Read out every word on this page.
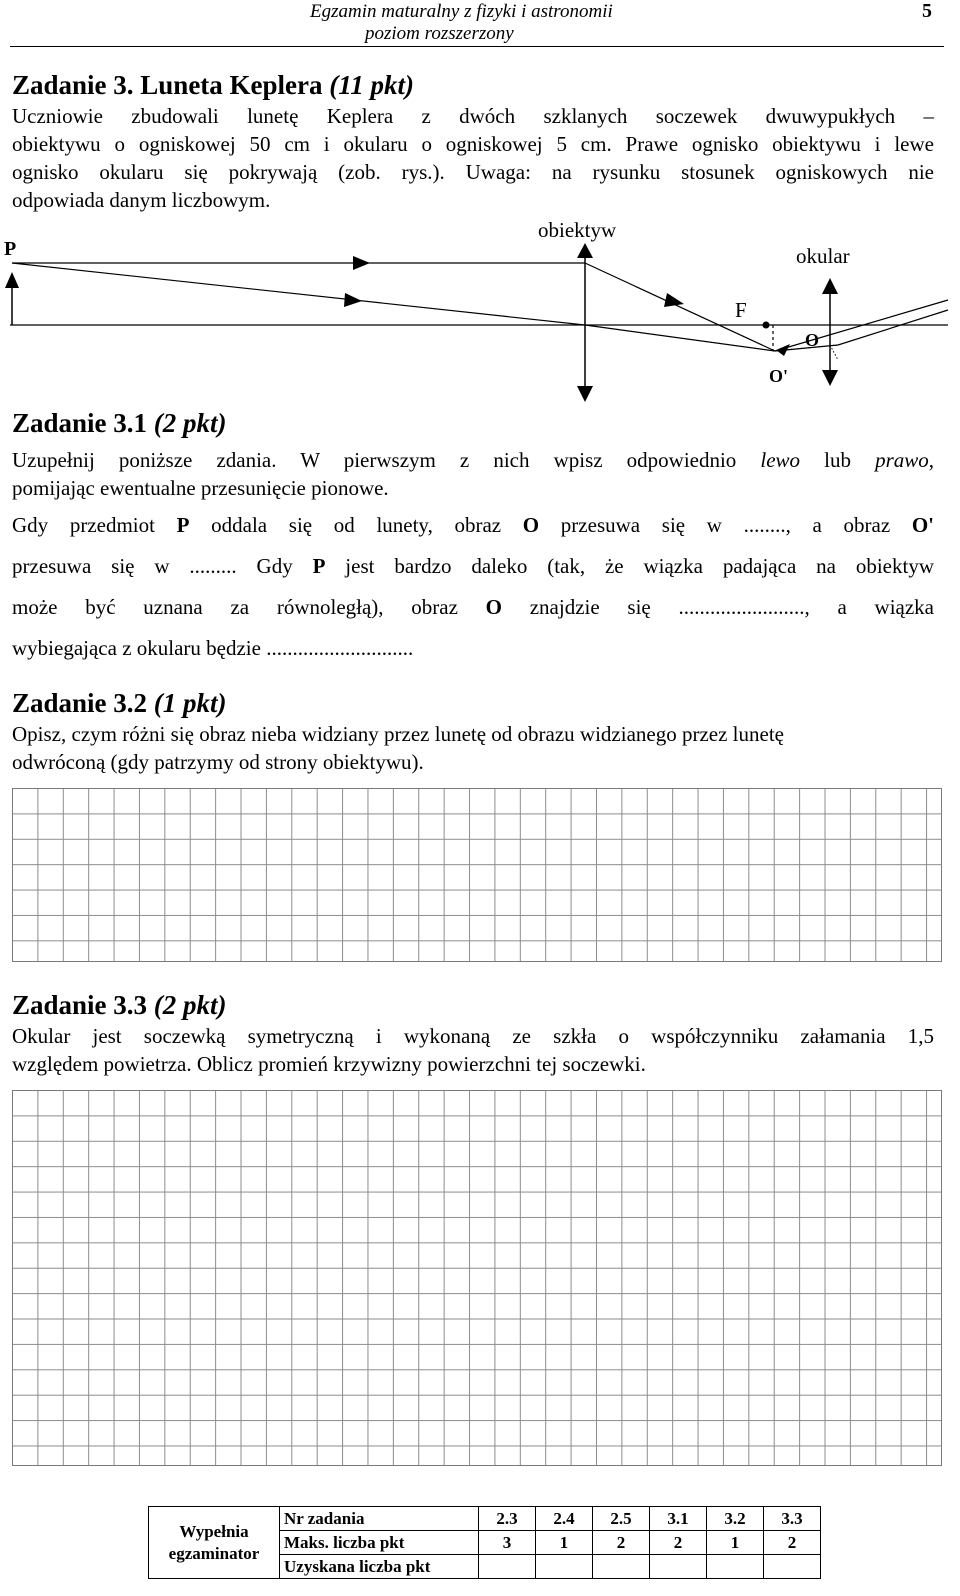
Egzamin maturalny z fizyki i astronomii
poziom rozszerzony
5
Zadanie 3. Luneta Keplera (11 pkt)
Uczniowie zbudowali lunetę Keplera z dwóch szklanych soczewek dwuwypukłych –
obiektywu o ogniskowej 50 cm i okularu o ogniskowej 5 cm. Prawe ognisko obiektywu i lewe
ognisko okularu się pokrywają (zob. rys.). Uwaga: na rysunku stosunek ogniskowych nie
odpowiada danym liczbowym.
P
obiektyw
okular
F
O
O'
Zadanie 3.1 (2 pkt)
Uzupełnij poniższe zdania. W pierwszym z nich wpisz odpowiednio lewo lub prawo,
pomijając ewentualne przesunięcie pionowe.
Gdy przedmiot P oddala się od lunety, obraz O przesuwa się w ........, a obraz O'
przesuwa się w ......... Gdy P jest bardzo daleko (tak, że wiązka padająca na obiektyw
może być uznana za równoległą), obraz O znajdzie się ........................, a wiązka
wybiegająca z okularu będzie ............................
Zadanie 3.2 (1 pkt)
Opisz, czym różni się obraz nieba widziany przez lunetę od obrazu widzianego przez lunetę
odwróconą (gdy patrzymy od strony obiektywu).
Zadanie 3.3 (2 pkt)
Okular jest soczewką symetryczną i wykonaną ze szkła o współczynniku załamania 1,5
względem powietrza. Oblicz promień krzywizny powierzchni tej soczewki.
Wypełnia egzaminator	Nr zadania	2.3	2.4	2.5	3.1	3.2	3.3
	Maks. liczba pkt	3	1	2	2	1	2
	Uzyskana liczba pkt						
